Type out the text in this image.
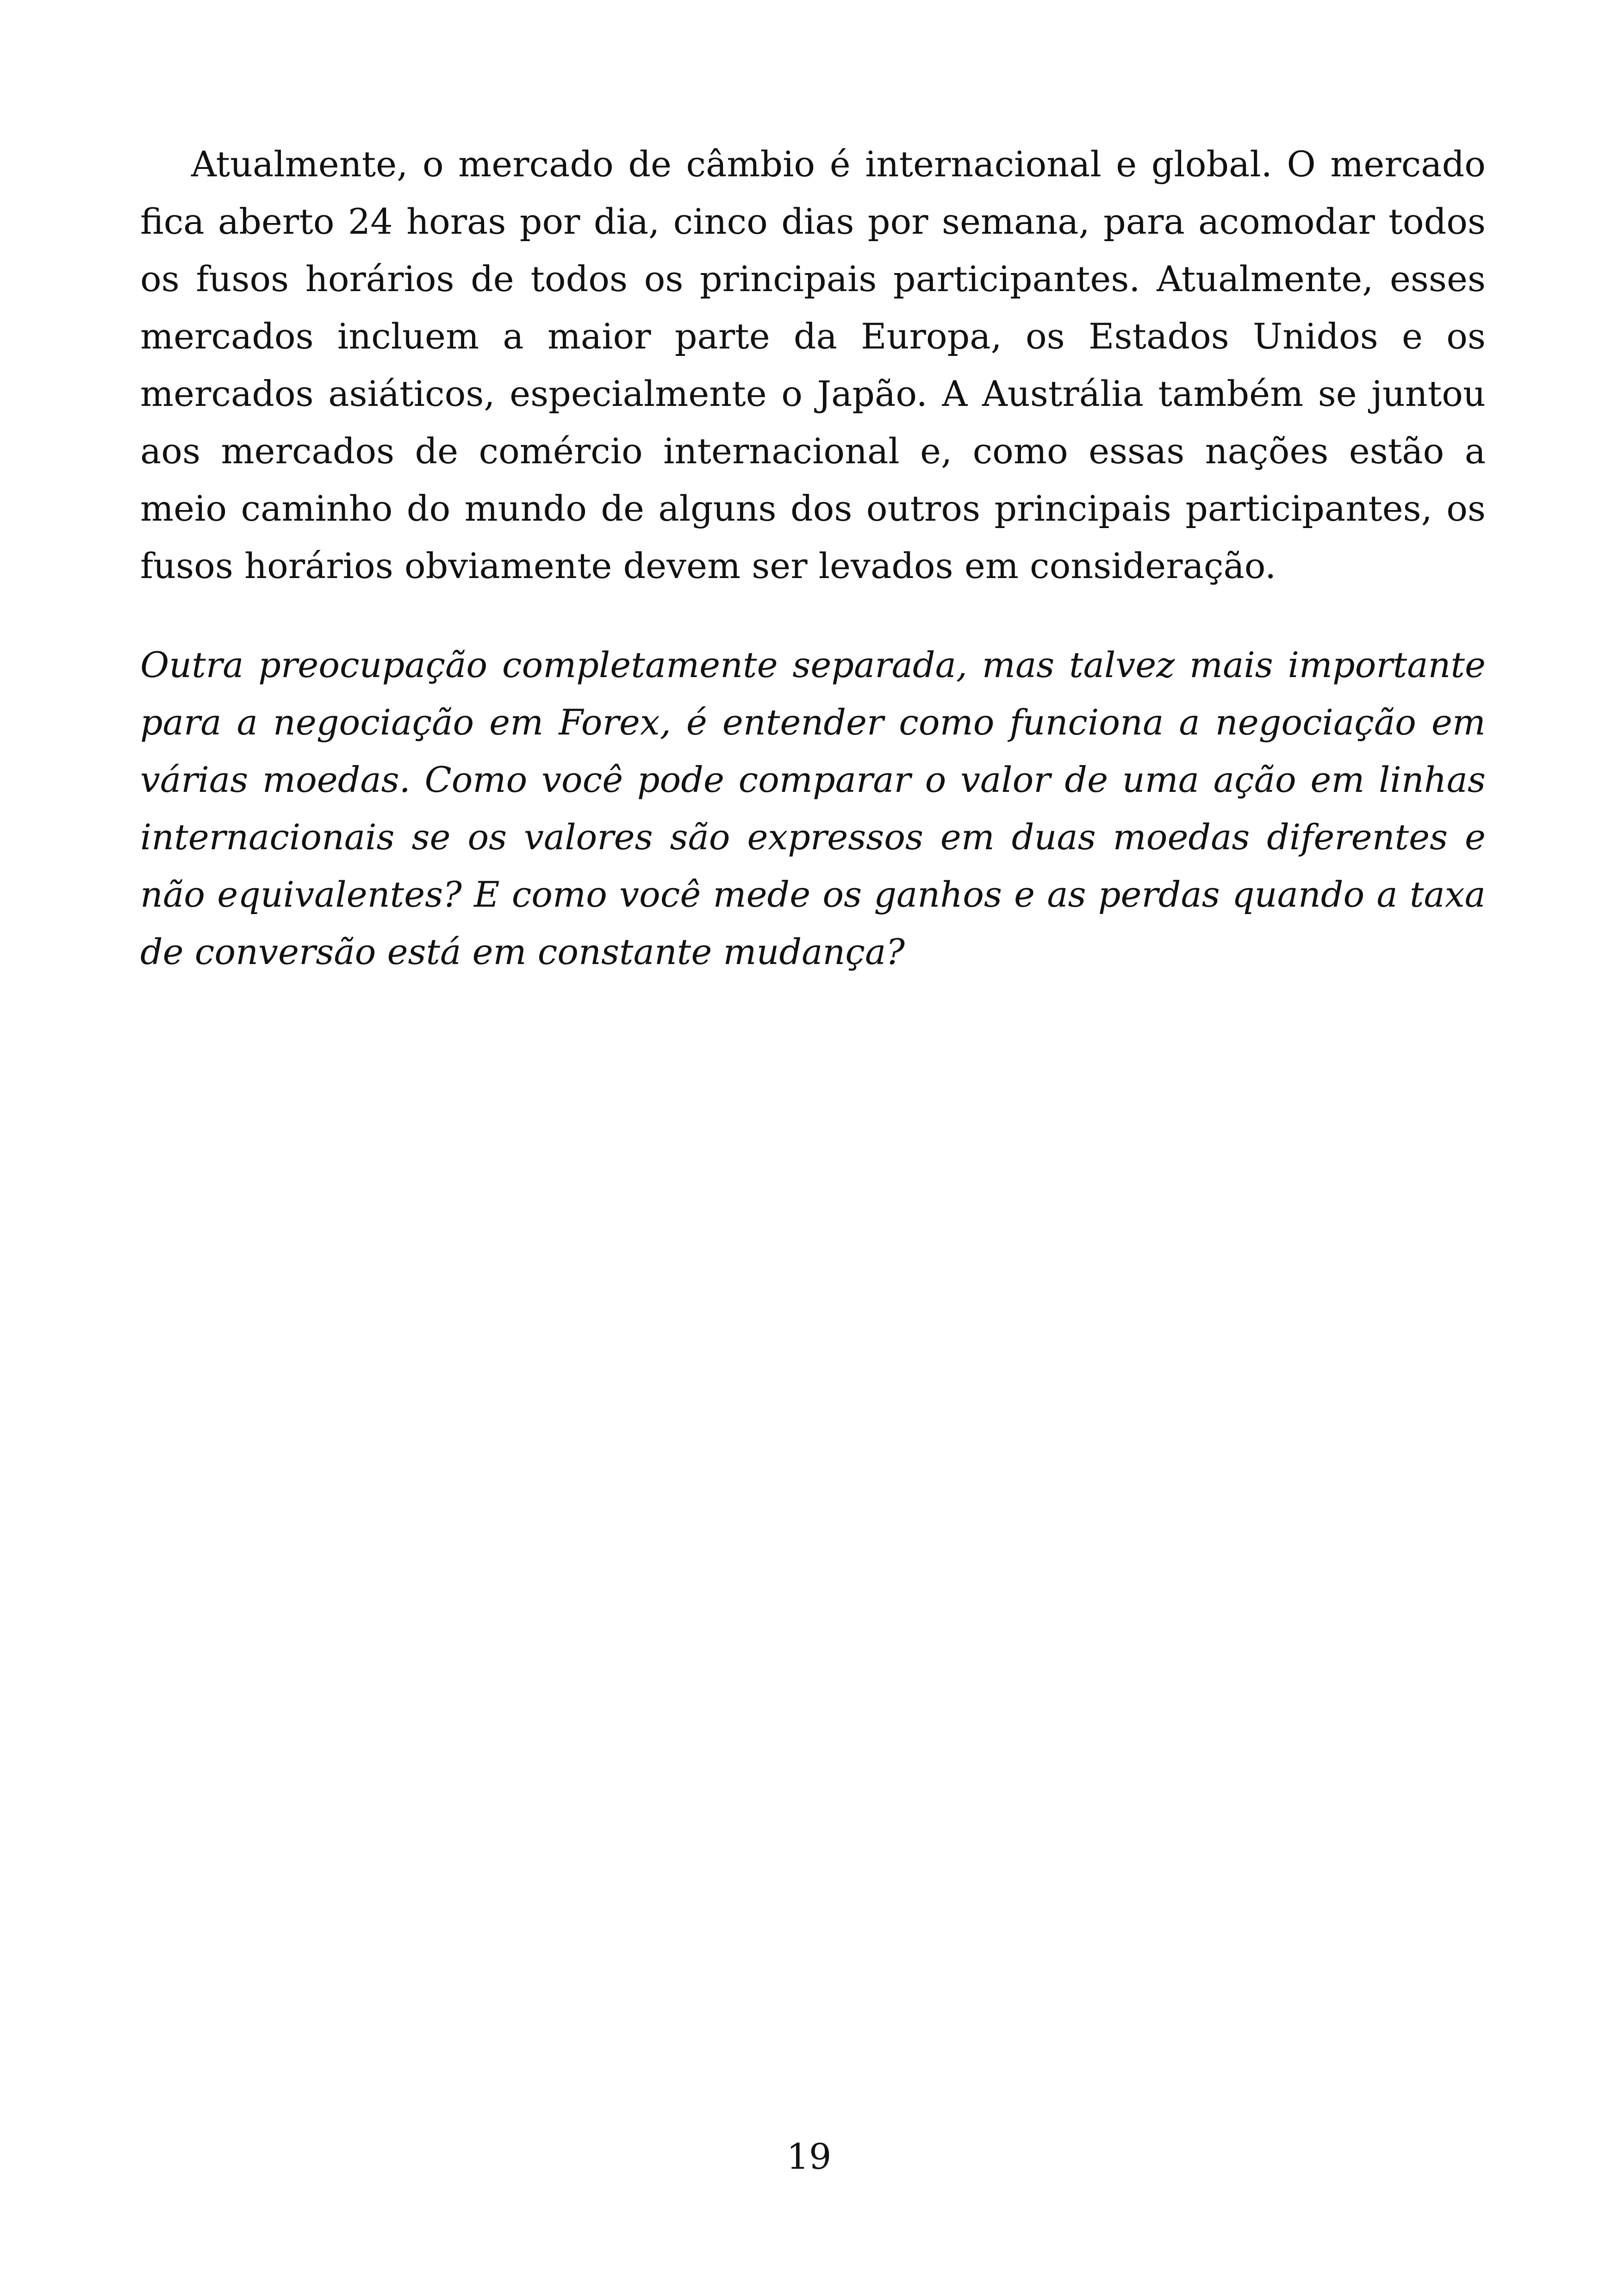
Atualmente, o mercado de câmbio é internacional e global. O mercado fica aberto 24 horas por dia, cinco dias por semana, para acomodar todos os fusos horários de todos os principais participantes. Atualmente, esses mercados incluem a maior parte da Europa, os Estados Unidos e os mercados asiáticos, especialmente o Japão. A Austrália também se juntou aos mercados de comércio internacional e, como essas nações estão a meio caminho do mundo de alguns dos outros principais participantes, os fusos horários obviamente devem ser levados em consideração.

Outra preocupação completamente separada, mas talvez mais importante para a negociação em Forex, é entender como funciona a negociação em várias moedas. Como você pode comparar o valor de uma ação em linhas internacionais se os valores são expressos em duas moedas diferentes e não equivalentes? E como você mede os ganhos e as perdas quando a taxa de conversão está em constante mudança?

19
